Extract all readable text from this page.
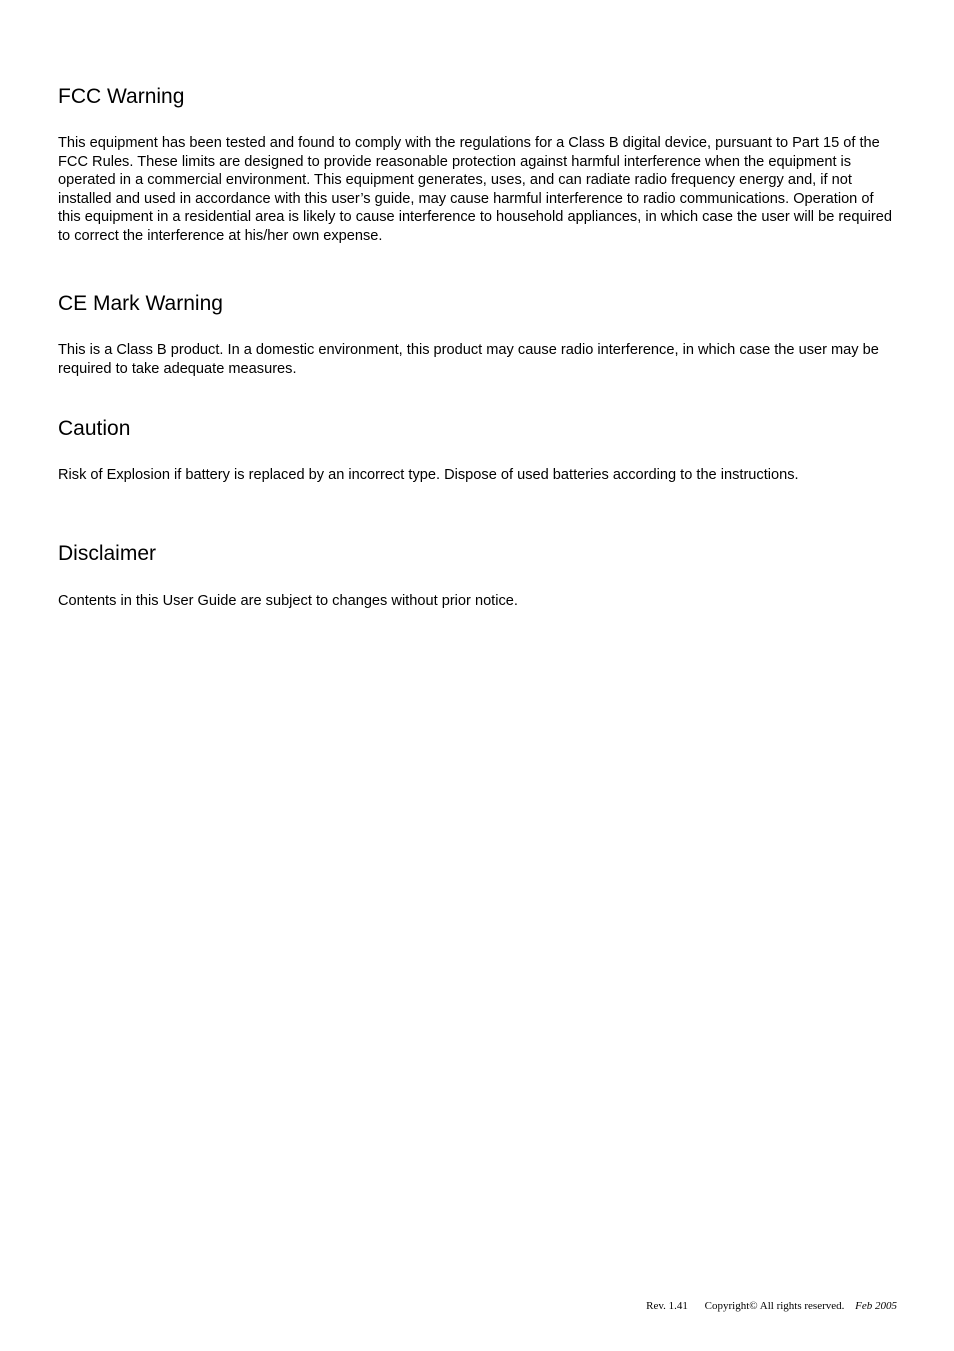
FCC Warning

This equipment has been tested and found to comply with the regulations for a Class B digital device, pursuant to Part 15 of the FCC Rules. These limits are designed to provide reasonable protection against harmful interference when the equipment is operated in a commercial environment. This equipment generates, uses, and can radiate radio frequency energy and, if not installed and used in accordance with this user’s guide, may cause harmful interference to radio communications. Operation of this equipment in a residential area is likely to cause interference to household appliances, in which case the user will be required to correct the interference at his/her own expense.

CE Mark Warning

This is a Class B product. In a domestic environment, this product may cause radio interference, in which case the user may be required to take adequate measures.

Caution

Risk of Explosion if battery is replaced by an incorrect type. Dispose of used batteries according to the instructions.

Disclaimer

Contents in this User Guide are subject to changes without prior notice.

Rev. 1.41 Copyright© All rights reserved. Feb 2005
